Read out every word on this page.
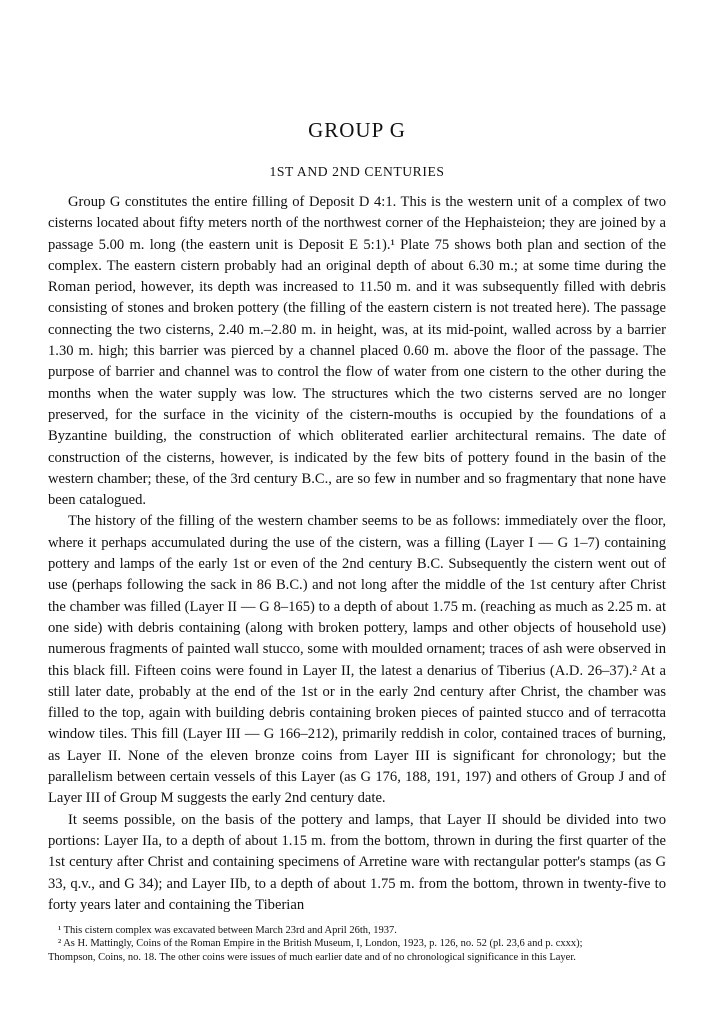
GROUP G
1ST AND 2ND CENTURIES

Group G constitutes the entire filling of Deposit D 4:1. This is the western unit of a complex of two cisterns located about fifty meters north of the northwest corner of the Hephaisteion; they are joined by a passage 5.00 m. long (the eastern unit is Deposit E 5:1).¹ Plate 75 shows both plan and section of the complex. The eastern cistern probably had an original depth of about 6.30 m.; at some time during the Roman period, however, its depth was increased to 11.50 m. and it was subsequently filled with debris consisting of stones and broken pottery (the filling of the eastern cistern is not treated here). The passage connecting the two cisterns, 2.40 m.–2.80 m. in height, was, at its mid-point, walled across by a barrier 1.30 m. high; this barrier was pierced by a channel placed 0.60 m. above the floor of the passage. The purpose of barrier and channel was to control the flow of water from one cistern to the other during the months when the water supply was low. The structures which the two cisterns served are no longer preserved, for the surface in the vicinity of the cistern-mouths is occupied by the foundations of a Byzantine building, the construction of which obliterated earlier architectural remains. The date of construction of the cisterns, however, is indicated by the few bits of pottery found in the basin of the western chamber; these, of the 3rd century B.C., are so few in number and so fragmentary that none have been catalogued.

The history of the filling of the western chamber seems to be as follows: immediately over the floor, where it perhaps accumulated during the use of the cistern, was a filling (Layer I — G 1–7) containing pottery and lamps of the early 1st or even of the 2nd century B.C. Subsequently the cistern went out of use (perhaps following the sack in 86 B.C.) and not long after the middle of the 1st century after Christ the chamber was filled (Layer II — G 8–165) to a depth of about 1.75 m. (reaching as much as 2.25 m. at one side) with debris containing (along with broken pottery, lamps and other objects of household use) numerous fragments of painted wall stucco, some with moulded ornament; traces of ash were observed in this black fill. Fifteen coins were found in Layer II, the latest a denarius of Tiberius (A.D. 26–37).² At a still later date, probably at the end of the 1st or in the early 2nd century after Christ, the chamber was filled to the top, again with building debris containing broken pieces of painted stucco and of terracotta window tiles. This fill (Layer III — G 166–212), primarily reddish in color, contained traces of burning, as Layer II. None of the eleven bronze coins from Layer III is significant for chronology; but the parallelism between certain vessels of this Layer (as G 176, 188, 191, 197) and others of Group J and of Layer III of Group M suggests the early 2nd century date.

It seems possible, on the basis of the pottery and lamps, that Layer II should be divided into two portions: Layer IIa, to a depth of about 1.15 m. from the bottom, thrown in during the first quarter of the 1st century after Christ and containing specimens of Arretine ware with rectangular potter's stamps (as G 33, q.v., and G 34); and Layer IIb, to a depth of about 1.75 m. from the bottom, thrown in twenty-five to forty years later and containing the Tiberian

¹ This cistern complex was excavated between March 23rd and April 26th, 1937.

² As H. Mattingly, Coins of the Roman Empire in the British Museum, I, London, 1923, p. 126, no. 52 (pl. 23,6 and p. cxxx);

Thompson, Coins, no. 18. The other coins were issues of much earlier date and of no chronological significance in this Layer.
